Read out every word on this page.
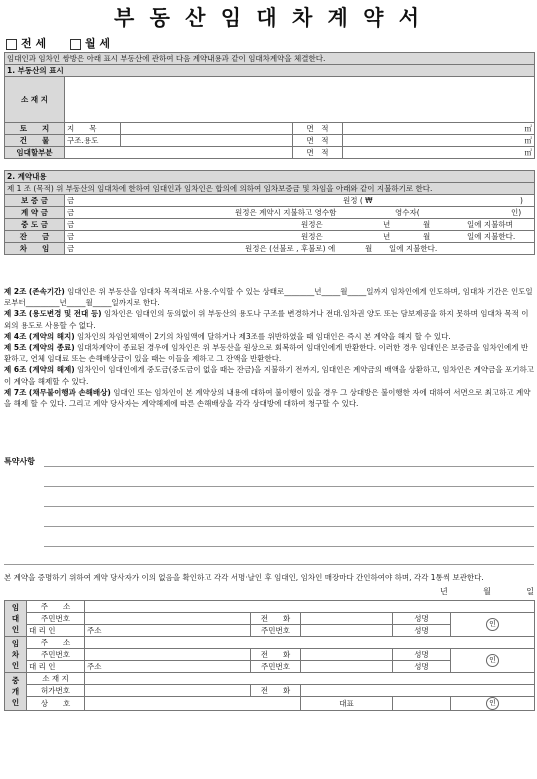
부 동 산 임 대 차 계 약 서
전 세	월 세
임대인과 임차인 쌍방은 아래 표시 부동산에 관하여 다음 계약내용과 같이 임대차계약을 체결한다.				
1. 부동산의 표시				
소 재 지				
토　　지	지　　목		면　적	㎡
건　　물	구조.용도		면　적	㎡
임대할부분			면　적	㎡
2. 계약내용	
제 1 조 (목적) 위 부동산의 임대차에 한하여 임대인과 임차인은 합의에 의하여 임차보증금 및 차임을 아래와 같이 지불하기로 한다.	
보 증 금	금 원정 ( ₩ )

계 약 금	금 원정은 계약시 지불하고 영수함 영수자( 인)

중 도 금	금 원정은 년 월 일에 지불하며

잔　　금	금 원정은 년 월 일에 지불한다.

차　　임	금 원정은 (선불로 , 후불로) 에 월 일에 지불한다.

제 2조 (존속기간) 임대인은 위 부동산을 임대차 목적대로 사용.수익할 수 있는 상태로________년_____월_____일까지 임차인에게 인도하며, 임대차 기간은 인도일로부터_________년_____월_____일까지로 한다.

제 3조 (용도변경 및 전대 등) 임차인은 임대인의 동의없이 위 부동산의 용도나 구조를 변경하거나 전대.임차권 양도 또는 담보제공을 하지 못하며 임대차 목적 이외의 용도로 사용할 수 없다.

제 4조 (계약의 해지) 임차인의 차임연체액이 2기의 차임액에 달하거나 제3조를 위반하였을 때 임대인은 즉시 본 계약을 해지 할 수 있다.

제 5조 (계약의 종료) 임대차계약이 종료된 경우에 임차인은 위 부동산을 원상으로 회복하여 임대인에게 반환한다. 이러한 경우 임대인은 보증금을 임차인에게 반환하고, 연체 임대료 또는 손해배상금이 있을 때는 이들을 제하고 그 잔액을 반환한다.

제 6조 (계약의 해제) 임차인이 임대인에게 중도금(중도금이 없을 때는 잔금)을 지불하기 전까지, 임대인은 계약금의 배액을 상환하고, 임차인은 계약금을 포기하고 이 계약을 해제할 수 있다.

제 7조 (채무불이행과 손해배상) 임대인 또는 임차인이 본 계약상의 내용에 대하여 불이행이 있을 경우 그 상대방은 불이행한 자에 대하여 서면으로 최고하고 계약을 해제 할 수 있다. 그리고 계약 당사자는 계약해제에 따른 손해배상을 각각 상대방에 대하여 청구할 수 있다.

특약사항
본 계약을 증명하기 위하여 계약 당사자가 이의 없음을 확인하고 각각 서명·날인 후 임대인, 임차인 매장마다 간인하여야 하며, 각각 1통씩 보관한다.
년	월	일
임
대
인	주　　소					
	주민번호		전　　화		성명	인
	대 리 인	주소	주민번호		성명	

임
차
인	주　　소					
	주민번호		전　　화		성명	인
	대 리 인	주소	주민번호		성명	

중
개
인	소 재 지					
	허가번호		전　　화			
	상　　호			대표		인
